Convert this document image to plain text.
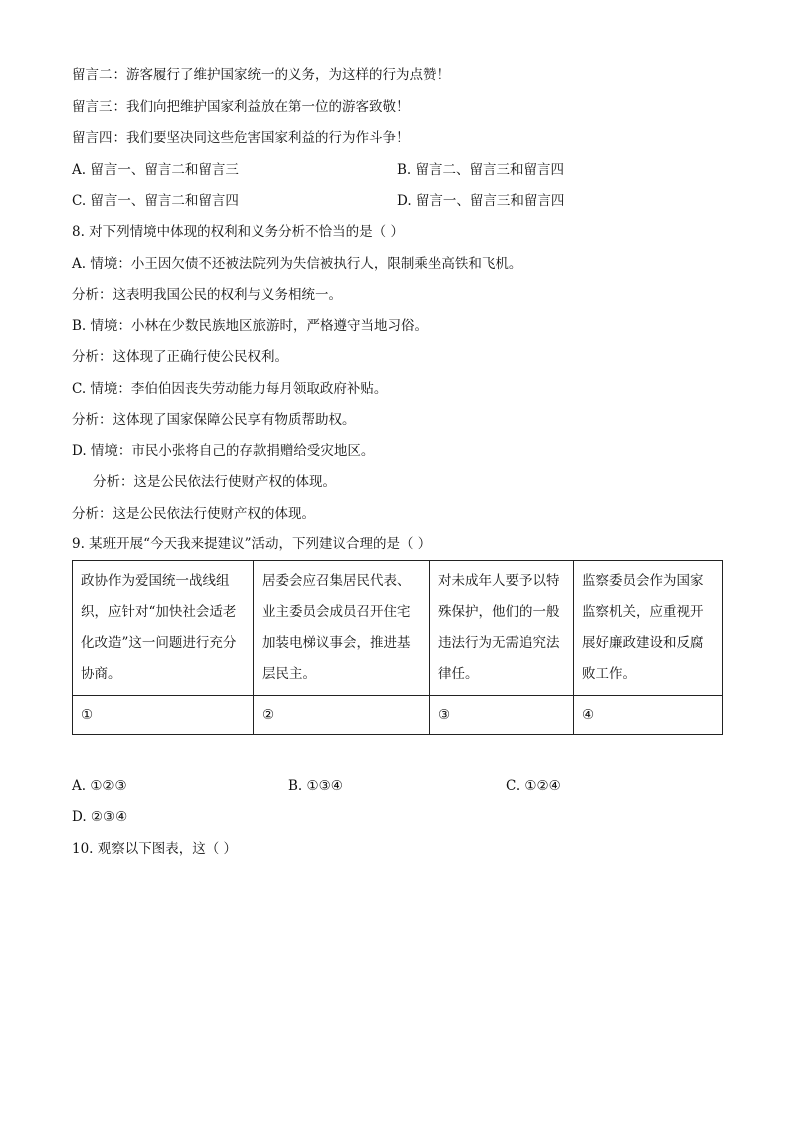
留言二：游客履行了维护国家统一的义务，为这样的行为点赞！
留言三：我们向把维护国家利益放在第一位的游客致敬！
留言四：我们要坚决同这些危害国家利益的行为作斗争！
A. 留言一、留言二和留言三	B. 留言二、留言三和留言四
C. 留言一、留言二和留言四	D. 留言一、留言三和留言四
8. 对下列情境中体现的权利和义务分析不恰当的是（ ）
A. 情境：小王因欠债不还被法院列为失信被执行人，限制乘坐高铁和飞机。
分析：这表明我国公民的权利与义务相统一。
B. 情境：小林在少数民族地区旅游时，严格遵守当地习俗。
分析：这体现了正确行使公民权利。
C. 情境：李伯伯因丧失劳动能力每月领取政府补贴。
分析：这体现了国家保障公民享有物质帮助权。
D. 情境：市民小张将自己的存款捐赠给受灾地区。
分析：这是公民依法行使财产权的体现。
分析：这是公民依法行使财产权的体现。
9. 某班开展“今天我来提建议”活动，下列建议合理的是（ ）
政协作为爱国统一战线组织，应针对“加快社会适老化改造”这一问题进行充分协商。	居委会应召集居民代表、业主委员会成员召开住宅加装电梯议事会，推进基层民主。	对未成年人要予以特殊保护，他们的一般违法行为无需追究法律任。	监察委员会作为国家监察机关，应重视开展好廉政建设和反腐败工作。
①	②	③	④
A. ①②③	B. ①③④	C. ①②④
D. ②③④
10. 观察以下图表，这（ ）
